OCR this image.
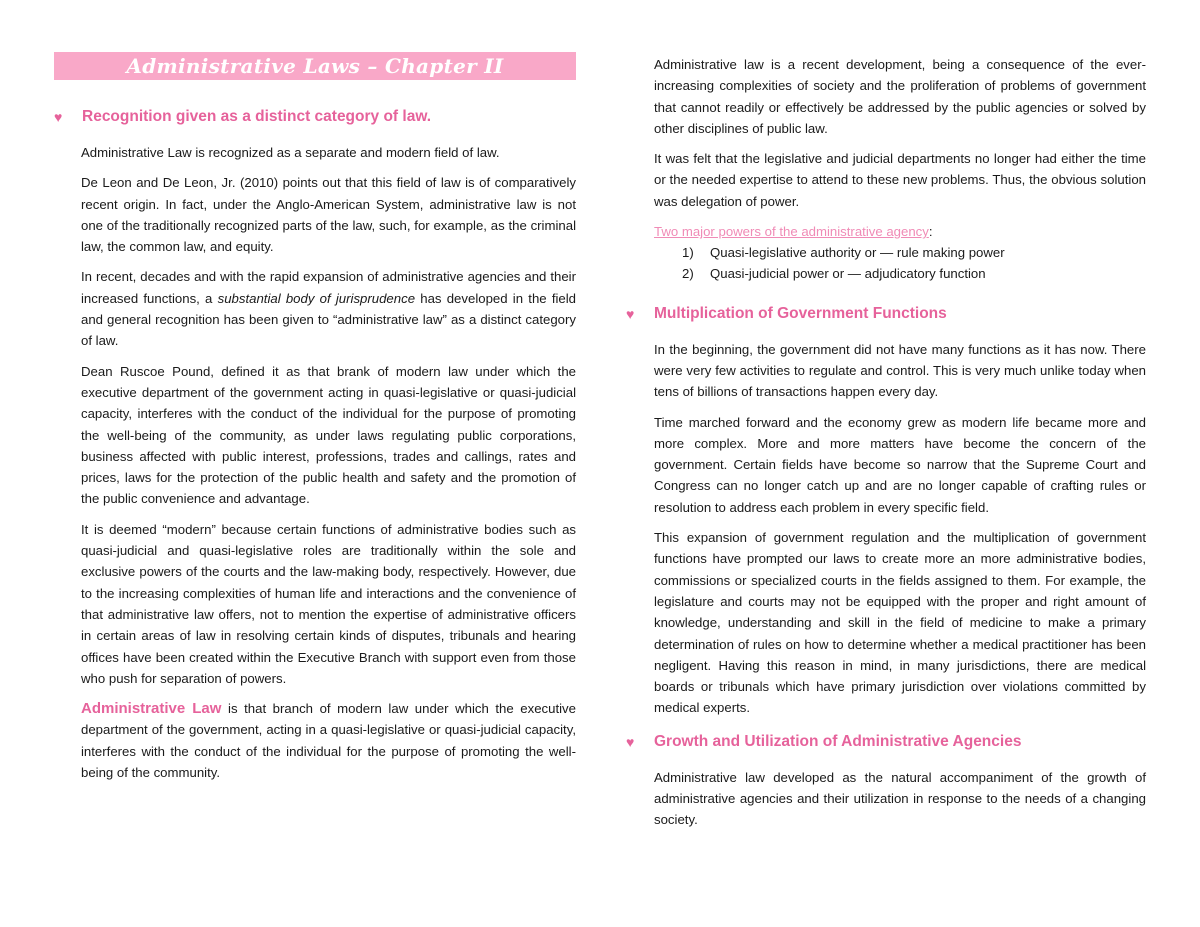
Administrative Laws – Chapter II
♥	Recognition given as a distinct category of law.

Administrative Law is recognized as a separate and modern field of law.

De Leon and De Leon, Jr. (2010) points out that this field of law is of comparatively recent origin. In fact, under the Anglo-American System, administrative law is not one of the traditionally recognized parts of the law, such, for example, as the criminal law, the common law, and equity.

In recent, decades and with the rapid expansion of administrative agencies and their increased functions, a substantial body of jurisprudence has developed in the field and general recognition has been given to “administrative law” as a distinct category of law.

Dean Ruscoe Pound, defined it as that brank of modern law under which the executive department of the government acting in quasi-legislative or quasi-judicial capacity, interferes with the conduct of the individual for the purpose of promoting the well-being of the community, as under laws regulating public corporations, business affected with public interest, professions, trades and callings, rates and prices, laws for the protection of the public health and safety and the promotion of the public convenience and advantage.

It is deemed “modern” because certain functions of administrative bodies such as quasi-judicial and quasi-legislative roles are traditionally within the sole and exclusive powers of the courts and the law-making body, respectively. However, due to the increasing complexities of human life and interactions and the convenience of that administrative law offers, not to mention the expertise of administrative officers in certain areas of law in resolving certain kinds of disputes, tribunals and hearing offices have been created within the Executive Branch with support even from those who push for separation of powers.

Administrative Law is that branch of modern law under which the executive department of the government, acting in a quasi-legislative or quasi-judicial capacity, interferes with the conduct of the individual for the purpose of promoting the well-being of the community.

Administrative law is a recent development, being a consequence of the ever-increasing complexities of society and the proliferation of problems of government that cannot readily or effectively be addressed by the public agencies or solved by other disciplines of public law.

It was felt that the legislative and judicial departments no longer had either the time or the needed expertise to attend to these new problems. Thus, the obvious solution was delegation of power.

Two major powers of the administrative agency:
1)	Quasi-legislative authority or — rule making power
2)	Quasi-judicial power or — adjudicatory function
♥	Multiplication of Government Functions

In the beginning, the government did not have many functions as it has now. There were very few activities to regulate and control. This is very much unlike today when tens of billions of transactions happen every day.

Time marched forward and the economy grew as modern life became more and more complex. More and more matters have become the concern of the government. Certain fields have become so narrow that the Supreme Court and Congress can no longer catch up and are no longer capable of crafting rules or resolution to address each problem in every specific field.

This expansion of government regulation and the multiplication of government functions have prompted our laws to create more an more administrative bodies, commissions or specialized courts in the fields assigned to them. For example, the legislature and courts may not be equipped with the proper and right amount of knowledge, understanding and skill in the field of medicine to make a primary determination of rules on how to determine whether a medical practitioner has been negligent. Having this reason in mind, in many jurisdictions, there are medical boards or tribunals which have primary jurisdiction over violations committed by medical experts.

♥	Growth and Utilization of Administrative Agencies

Administrative law developed as the natural accompaniment of the growth of administrative agencies and their utilization in response to the needs of a changing society.
